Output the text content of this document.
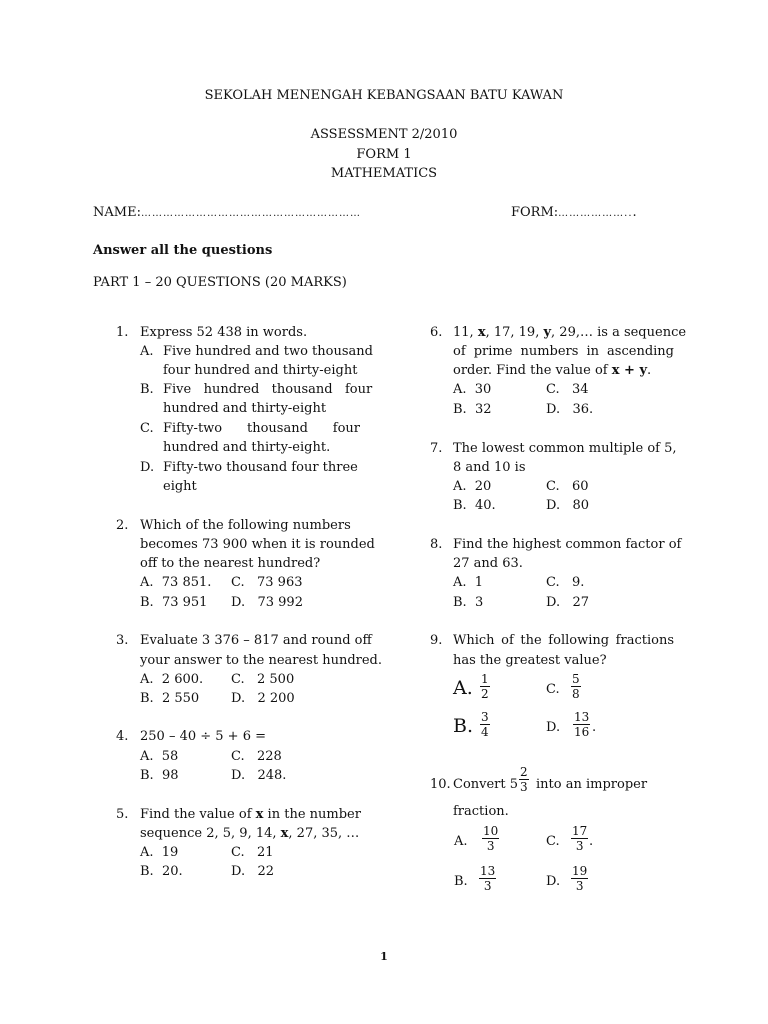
SEKOLAH MENENGAH KEBANGSAAN BATU KAWAN
ASSESSMENT 2/2010
FORM 1
MATHEMATICS
NAME:……………………………………………………	FORM:………………...
Answer all the questions
PART 1 – 20 QUESTIONS (20 MARKS)
1. Express 52 438 in words.
A. Five hundred and two thousand
four hundred and thirty-eight
B. Five   hundred   thousand   four
hundred and thirty-eight
C. Fifty-two thousand four
hundred and thirty-eight.
D. Fifty-two thousand four three
eight
2. Which of the following numbers
becomes 73 900 when it is rounded
off to the nearest hundred?
A.  73 851. C.   73 963
B.  73 951 D.   73 992
3. Evaluate 3 376 – 817 and round off
your answer to the nearest hundred.
A.  2 600. C.   2 500
B.  2 550 D.   2 200
4. 250 – 40 ÷ 5 + 6 =
A.  58	C.   228
B.  98	D.   248.
5. Find the value of x in the number
sequence 2, 5, 9, 14, x, 27, 35, …
A.  19	C.   21
B.  20.	D.   22
6. 11, x, 17, 19, y, 29,… is a sequence
of prime numbers in ascending
order. Find the value of x + y.
A.  30	C.   34
B.  32	D.   36.
7. The lowest common multiple of 5,
8 and 10 is
A.  20	C.   60
B.  40.	D.   80
8. Find the highest common factor of
27 and 63.
A.  1	C.   9.
B.  3	D.   27
9. Which of the following fractions
has the greatest value?
A. $\frac{1}{2}$	C. $\frac{5}{8}$
B. $\frac{3}{4}$	D. $\frac{13}{16}$ .
10. Convert $5 \frac{2}{3}$ into an improper
fraction.
A. $\frac{10}{3}$	C. $\frac{17}{3}$ .
B. $\frac{13}{3}$	D. $\frac{19}{3}$
1
